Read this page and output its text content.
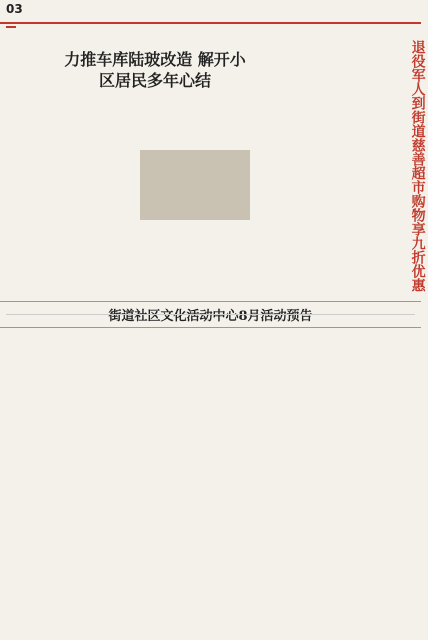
03
力推车库陆玻改造 解开小区居民多年心结	退役军人到街道慈善超市购物享九折优惠
街道社区文化活动中心8月活动预告
